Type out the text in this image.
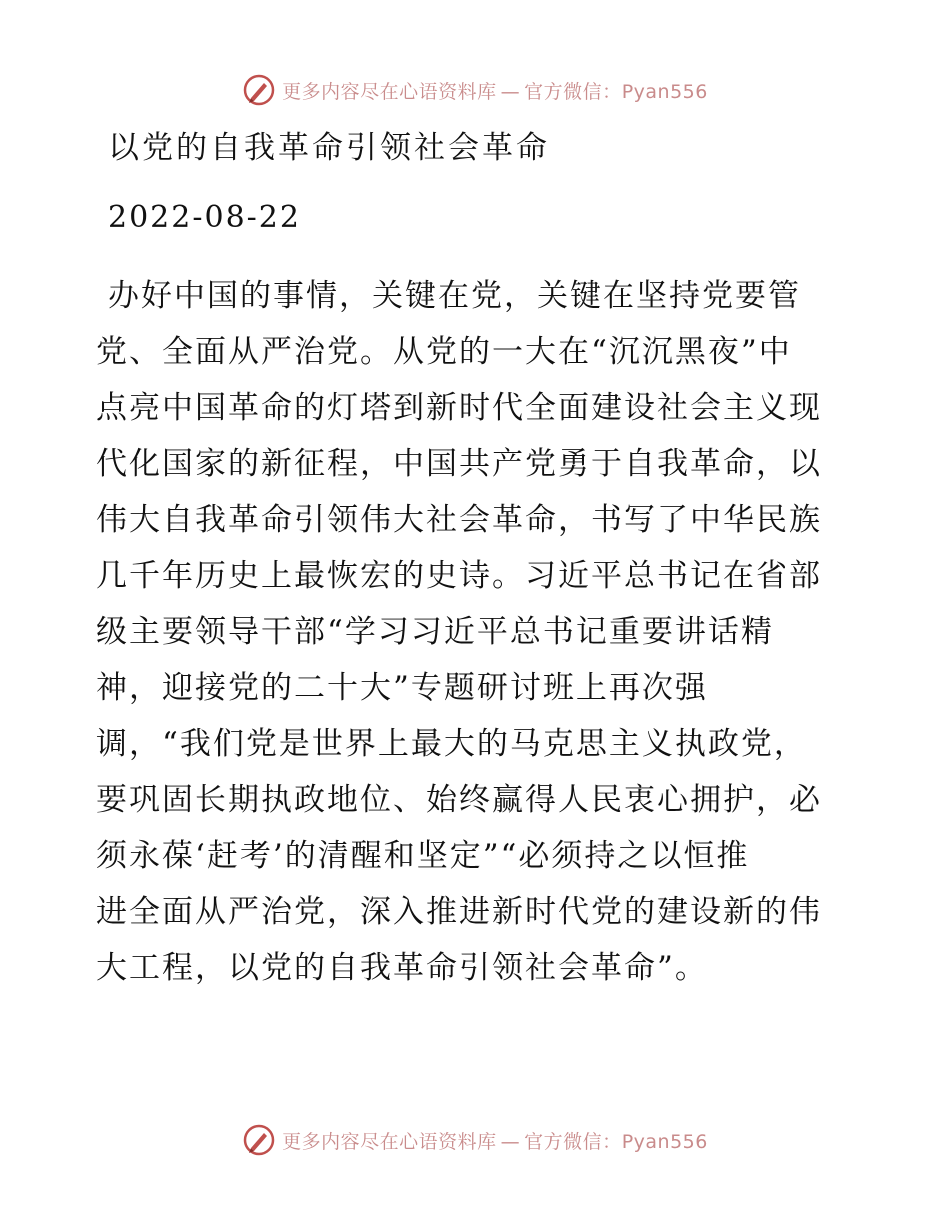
更多内容尽在心语资料库 — 官方微信：Pyan556
以党的自我革命引领社会革命
2022-08-22
办好中国的事情，关键在党，关键在坚持党要管
党、全面从严治党。从党的一大在“沉沉黑夜”中
点亮中国革命的灯塔到新时代全面建设社会主义现
代化国家的新征程，中国共产党勇于自我革命，以
伟大自我革命引领伟大社会革命，书写了中华民族
几千年历史上最恢宏的史诗。习近平总书记在省部
级主要领导干部“学习习近平总书记重要讲话精
神，迎接党的二十大”专题研讨班上再次强
调，“我们党是世界上最大的马克思主义执政党，
要巩固长期执政地位、始终赢得人民衷心拥护，必
须永葆‘赶考’的清醒和坚定”“必须持之以恒推
进全面从严治党，深入推进新时代党的建设新的伟
大工程，以党的自我革命引领社会革命”。
更多内容尽在心语资料库 — 官方微信：Pyan556
